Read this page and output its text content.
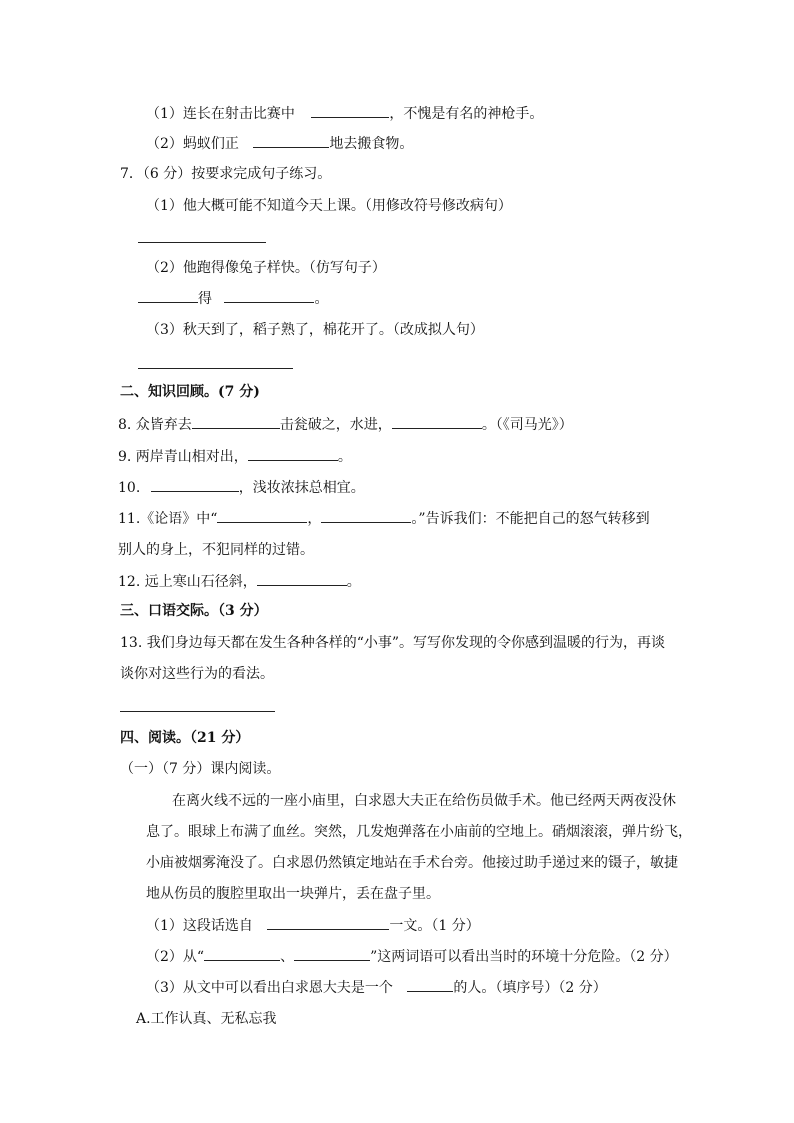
（1）连长在射击比赛中	，不愧是有名的神枪手。
（2）蚂蚁们正	地去搬食物。
7．（6 分）按要求完成句子练习。
（1）他大概可能不知道今天上课。（用修改符号修改病句）
（2）他跑得像兔子样快。（仿写句子）
得	。
（3）秋天到了，稻子熟了，棉花开了。（改成拟人句）
二、知识回顾。(7 分)
8. 众皆弃去	击瓮破之，水进，	。（《司马光》）
9. 两岸青山相对出，	。
10.	，浅妆浓抹总相宜。
11.《论语》中“	，	。”告诉我们：不能把自己的怒气转移到
别人的身上，不犯同样的过错。
12. 远上寒山石径斜，	。
三、口语交际。（3 分）
13. 我们身边每天都在发生各种各样的“小事”。写写你发现的令你感到温暖的行为，再谈
谈你对这些行为的看法。
四、阅读。（21 分）
（一）（7 分）课内阅读。
在离火线不远的一座小庙里，白求恩大夫正在给伤员做手术。他已经两天两夜没休
息了。眼球上布满了血丝。突然，几发炮弹落在小庙前的空地上。硝烟滚滚，弹片纷飞，
小庙被烟雾淹没了。白求恩仍然镇定地站在手术台旁。他接过助手递过来的镊子，敏捷
地从伤员的腹腔里取出一块弹片，丢在盘子里。
（1）这段话选自	一文。（1 分）
（2）从“	、	”这两词语可以看出当时的环境十分危险。（2 分）
（3）从文中可以看出白求恩大夫是一个	的人。（填序号）（2 分）
A.工作认真、无私忘我
